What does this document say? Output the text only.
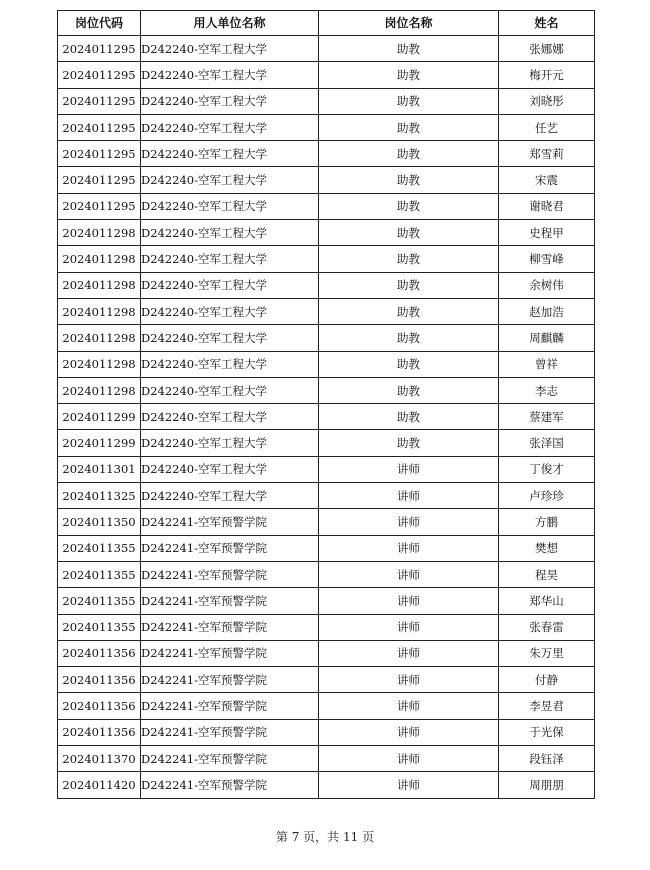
岗位代码	用人单位名称	岗位名称	姓名
2024011295	D242240-空军工程大学	助教	张娜娜
2024011295	D242240-空军工程大学	助教	梅开元
2024011295	D242240-空军工程大学	助教	刘晓彤
2024011295	D242240-空军工程大学	助教	任艺
2024011295	D242240-空军工程大学	助教	郑雪莉
2024011295	D242240-空军工程大学	助教	宋震
2024011295	D242240-空军工程大学	助教	谢晓君
2024011298	D242240-空军工程大学	助教	史程甲
2024011298	D242240-空军工程大学	助教	柳雪峰
2024011298	D242240-空军工程大学	助教	余树伟
2024011298	D242240-空军工程大学	助教	赵加浩
2024011298	D242240-空军工程大学	助教	周麒麟
2024011298	D242240-空军工程大学	助教	曾祥
2024011298	D242240-空军工程大学	助教	李志
2024011299	D242240-空军工程大学	助教	蔡建军
2024011299	D242240-空军工程大学	助教	张泽国
2024011301	D242240-空军工程大学	讲师	丁俊才
2024011325	D242240-空军工程大学	讲师	卢珍珍
2024011350	D242241-空军预警学院	讲师	方鹏
2024011355	D242241-空军预警学院	讲师	樊想
2024011355	D242241-空军预警学院	讲师	程昊
2024011355	D242241-空军预警学院	讲师	郑华山
2024011355	D242241-空军预警学院	讲师	张春雷
2024011356	D242241-空军预警学院	讲师	朱万里
2024011356	D242241-空军预警学院	讲师	付静
2024011356	D242241-空军预警学院	讲师	李昱君
2024011356	D242241-空军预警学院	讲师	于光保
2024011370	D242241-空军预警学院	讲师	段钰泽
2024011420	D242241-空军预警学院	讲师	周朋朋
第 7 页，共 11 页
